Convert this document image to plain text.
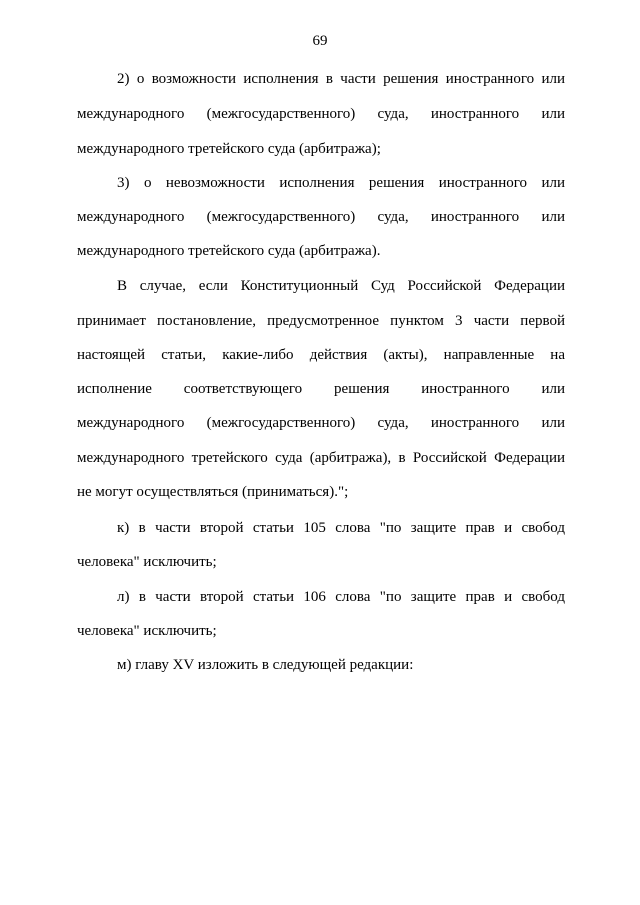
69
2) о возможности исполнения в части решения иностранного или
международного (межгосударственного) суда, иностранного или
международного третейского суда (арбитража);
3) о невозможности исполнения решения иностранного или
международного (межгосударственного) суда, иностранного или
международного третейского суда (арбитража).
В случае, если Конституционный Суд Российской Федерации
принимает постановление, предусмотренное пунктом 3 части первой
настоящей статьи, какие-либо действия (акты), направленные на
исполнение соответствующего решения иностранного или
международного (межгосударственного) суда, иностранного или
международного третейского суда (арбитража), в Российской Федерации
не могут осуществляться (приниматься).";
к) в части второй статьи 105 слова "по защите прав и свобод
человека" исключить;
л) в части второй статьи 106 слова "по защите прав и свобод
человека" исключить;
м) главу XV изложить в следующей редакции:
